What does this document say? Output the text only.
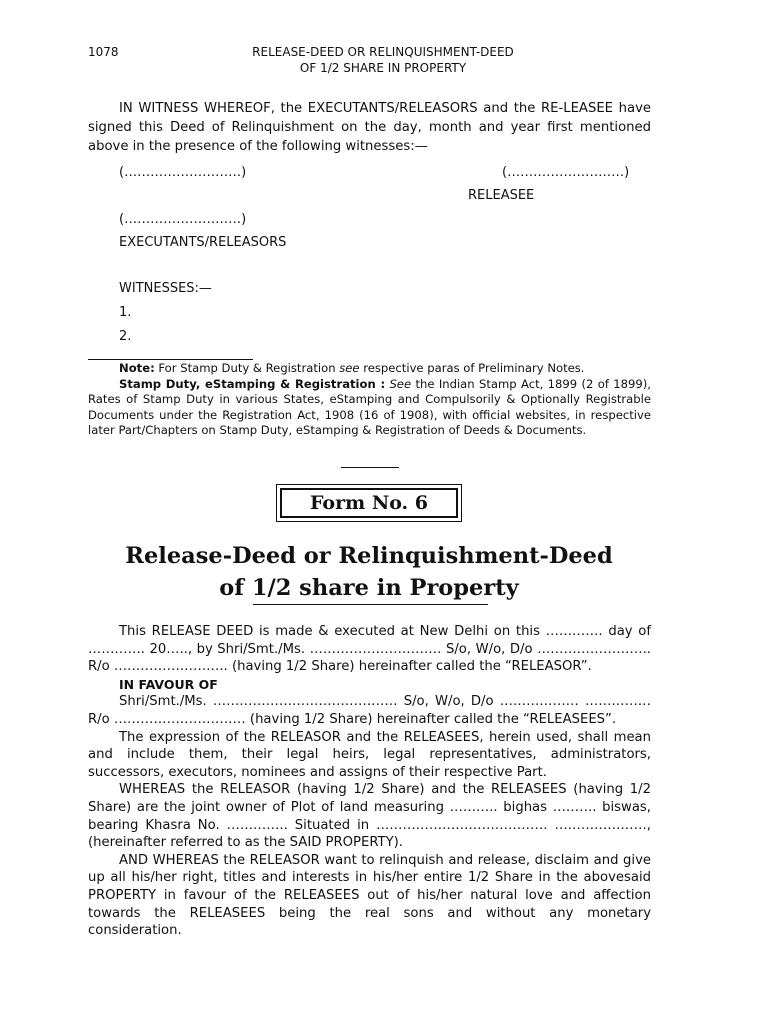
1078	RELEASE-DEED OR RELINQUISHMENT-DEED
OF 1/2 SHARE IN PROPERTY
IN WITNESS WHEREOF, the EXECUTANTS/RELEASORS and the RE-LEASEE have signed this Deed of Relinquishment on the day, month and year first mentioned above in the presence of the following witnesses:—
(………………………)	(………………………)
RELEASEE
(………………………)
EXECUTANTS/RELEASORS
WITNESSES:—
1.
2.

Note: For Stamp Duty & Registration see respective paras of Preliminary Notes.

Stamp Duty, eStamping & Registration : See the Indian Stamp Act, 1899 (2 of 1899), Rates of Stamp Duty in various States, eStamping and Compulsorily & Optionally Registrable Documents under the Registration Act, 1908 (16 of 1908), with official websites, in respective later Part/Chapters on Stamp Duty, eStamping & Registration of Deeds & Documents.

Form No. 6
Release-Deed or Relinquishment-Deed
of 1/2 share in Property

This RELEASE DEED is made & executed at New Delhi on this …………. day of …………. 20….., by Shri/Smt./Ms. ………………………… S/o, W/o, D/o …………………….. R/o …………………….. (having 1/2 Share) hereinafter called the “RELEASOR”.

IN FAVOUR OF

Shri/Smt./Ms. …………………………………… S/o, W/o, D/o ……………… …………… R/o ………………………… (having 1/2 Share) hereinafter called the “RELEASEES”.

The expression of the RELEASOR and the RELEASEES, herein used, shall mean and include them, their legal heirs, legal representatives, administrators, successors, executors, nominees and assigns of their respective Part.

WHEREAS the RELEASOR (having 1/2 Share) and the RELEASEES (having 1/2 Share) are the joint owner of Plot of land measuring ……….. bighas ………. biswas, bearing Khasra No. ………….. Situated in ………………………………… …………………, (hereinafter referred to as the SAID PROPERTY).

AND WHEREAS the RELEASOR want to relinquish and release, disclaim and give up all his/her right, titles and interests in his/her entire 1/2 Share in the abovesaid PROPERTY in favour of the RELEASEES out of his/her natural love and affection towards the RELEASEES being the real sons and without any monetary consideration.
